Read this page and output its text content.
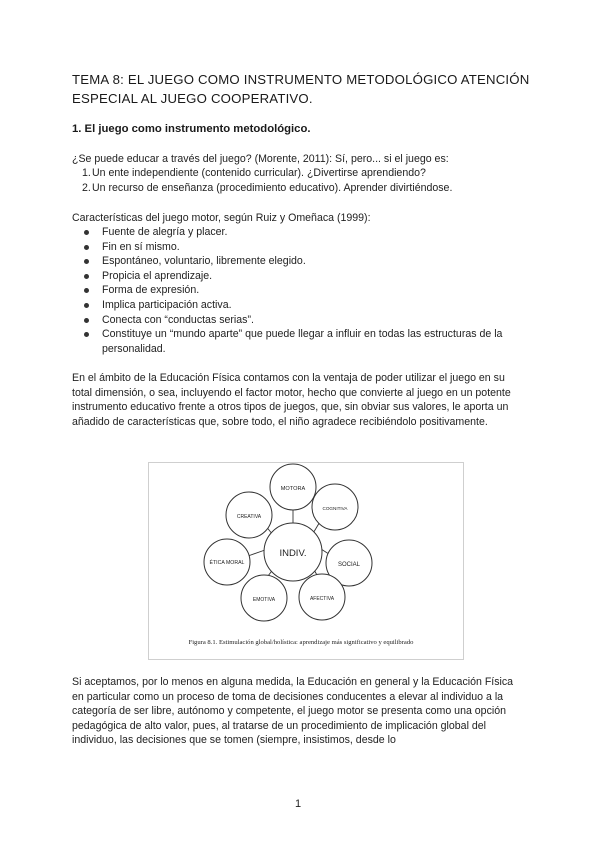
TEMA 8: EL JUEGO COMO INSTRUMENTO METODOLÓGICO ATENCIÓN ESPECIAL AL JUEGO COOPERATIVO.
1. El juego como instrumento metodológico.
¿Se puede educar a través del juego? (Morente, 2011): Sí, pero... si el juego es:
1. Un ente independiente (contenido curricular). ¿Divertirse aprendiendo?
2. Un recurso de enseñanza (procedimiento educativo). Aprender divirtiéndose.
Características del juego motor, según Ruiz y Omeñaca (1999):
Fuente de alegría y placer.
Fin en sí mismo.
Espontáneo, voluntario, libremente elegido.
Propicia el aprendizaje.
Forma de expresión.
Implica participación activa.
Conecta con “conductas serias”.
Constituye un “mundo aparte” que puede llegar a influir en todas las estructuras de la personalidad.
En el ámbito de la Educación Física contamos con la ventaja de poder utilizar el juego en su total dimensión, o sea, incluyendo el factor motor, hecho que convierte al juego en un potente instrumento educativo frente a otros tipos de juegos, que, sin obviar sus valores, le aporta un añadido de características que, sobre todo, el niño agradece recibiéndolo positivamente.
INDIV.
MOTORA
COGNITIVA
SOCIAL
AFECTIVA
EMOTIVA
ÉTICA MORAL
CREATIVA
Figura 8.1. Estimulación global/holística: aprendizaje más significativo y equilibrado
Si aceptamos, por lo menos en alguna medida, la Educación en general y la Educación Física en particular como un proceso de toma de decisiones conducentes a elevar al individuo a la categoría de ser libre, autónomo y competente, el juego motor se presenta como una opción pedagógica de alto valor, pues, al tratarse de un procedimiento de implicación global del individuo, las decisiones que se tomen (siempre, insistimos, desde lo
1
